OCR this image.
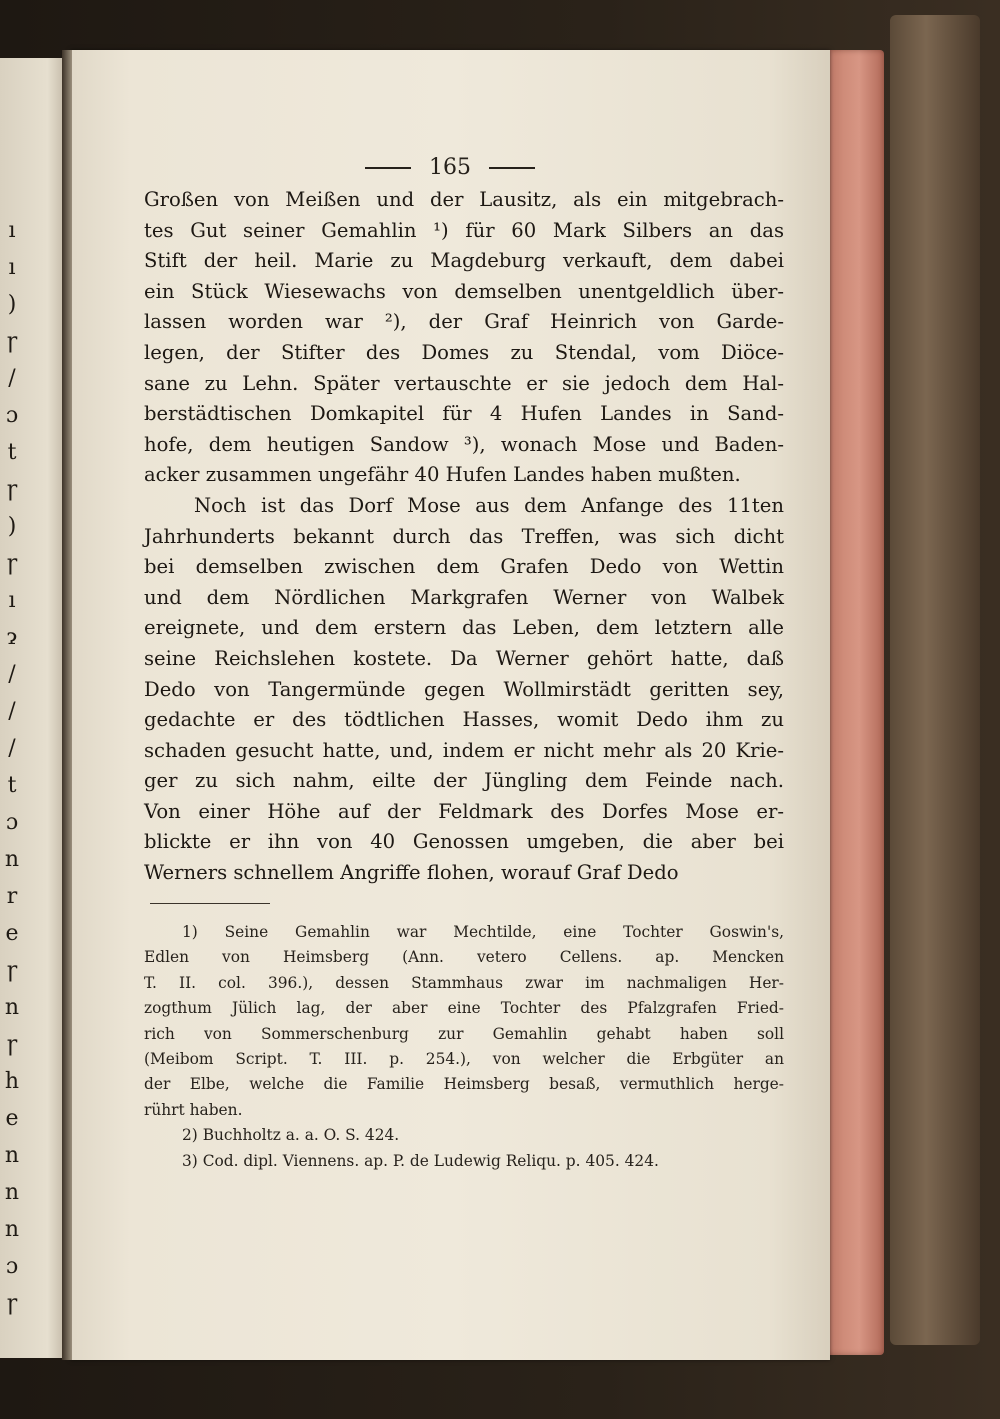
ı
ı
)
ꞅ
/
ɔ
t
ꞅ
)
ꞅ
ı
ɂ
/
/
/
t
ɔ
n
r
e
ꞅ
n
ꞅ
h
e
n
n
n
ɔ
ꞅ
165
Großen von Meißen und der Lausitz, als ein mitgebrach-
tes Gut seiner Gemahlin ¹) für 60 Mark Silbers an das
Stift der heil. Marie zu Magdeburg verkauft, dem dabei
ein Stück Wiesewachs von demselben unentgeldlich über-
lassen worden war ²), der Graf Heinrich von Garde-
legen, der Stifter des Domes zu Stendal, vom Diöce-
sane zu Lehn. Später vertauschte er sie jedoch dem Hal-
berstädtischen Domkapitel für 4 Hufen Landes in Sand-
hofe, dem heutigen Sandow ³), wonach Mose und Baden-
acker zusammen ungefähr 40 Hufen Landes haben mußten.
Noch ist das Dorf Mose aus dem Anfange des 11ten
Jahrhunderts bekannt durch das Treffen, was sich dicht
bei demselben zwischen dem Grafen Dedo von Wettin
und dem Nördlichen Markgrafen Werner von Walbek
ereignete, und dem erstern das Leben, dem letztern alle
seine Reichslehen kostete. Da Werner gehört hatte, daß
Dedo von Tangermünde gegen Wollmirstädt geritten sey,
gedachte er des tödtlichen Hasses, womit Dedo ihm zu
schaden gesucht hatte, und, indem er nicht mehr als 20 Krie-
ger zu sich nahm, eilte der Jüngling dem Feinde nach.
Von einer Höhe auf der Feldmark des Dorfes Mose er-
blickte er ihn von 40 Genossen umgeben, die aber bei
Werners schnellem Angriffe flohen, worauf Graf Dedo
1) Seine Gemahlin war Mechtilde, eine Tochter Goswin's,
Edlen von Heimsberg (Ann. vetero Cellens. ap. Mencken
T. II. col. 396.), dessen Stammhaus zwar im nachmaligen Her-
zogthum Jülich lag, der aber eine Tochter des Pfalzgrafen Fried-
rich von Sommerschenburg zur Gemahlin gehabt haben soll
(Meibom Script. T. III. p. 254.), von welcher die Erbgüter an
der Elbe, welche die Familie Heimsberg besaß, vermuthlich herge-
rührt haben.
2) Buchholtz a. a. O. S. 424.
3) Cod. dipl. Viennens. ap. P. de Ludewig Reliqu. p. 405. 424.
